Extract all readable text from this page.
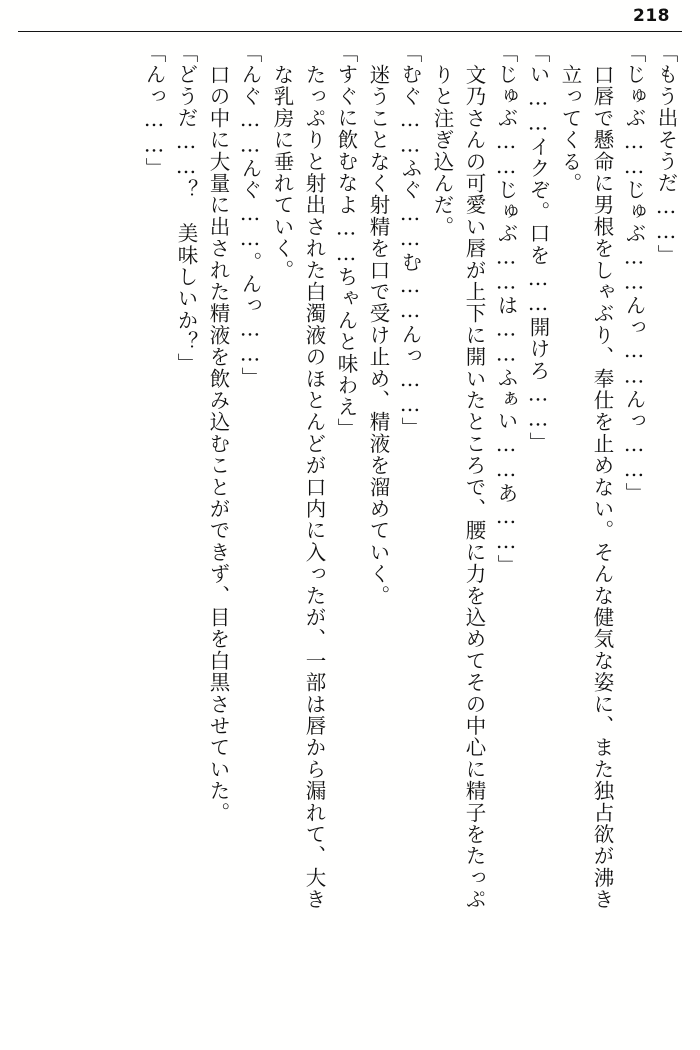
218
「もう出そうだ……」
「じゅぶ……じゅぶ……んっ……んっ……」
口唇で懸命に男根をしゃぶり、奉仕を止めない。そんな健気な姿に、また独占欲が沸き
立ってくる。
「い……イクぞ。口を……開けろ……」
「じゅぶ……じゅぶ……は……ふぁい……あ……」
文乃さんの可愛い唇が上下に開いたところで、腰に力を込めてその中心に精子をたっぷ
りと注ぎ込んだ。
「むぐ……ふぐ……む……んっ……」
迷うことなく射精を口で受け止め、精液を溜めていく。
「すぐに飲むなよ……ちゃんと味わえ」
たっぷりと射出された白濁液のほとんどが口内に入ったが、一部は唇から漏れて、大き
な乳房に垂れていく。
「んぐ……んぐ……。んっ……」
口の中に大量に出された精液を飲み込むことができず、目を白黒させていた。
「どうだ……？　美味しいか？」
「んっ……」
